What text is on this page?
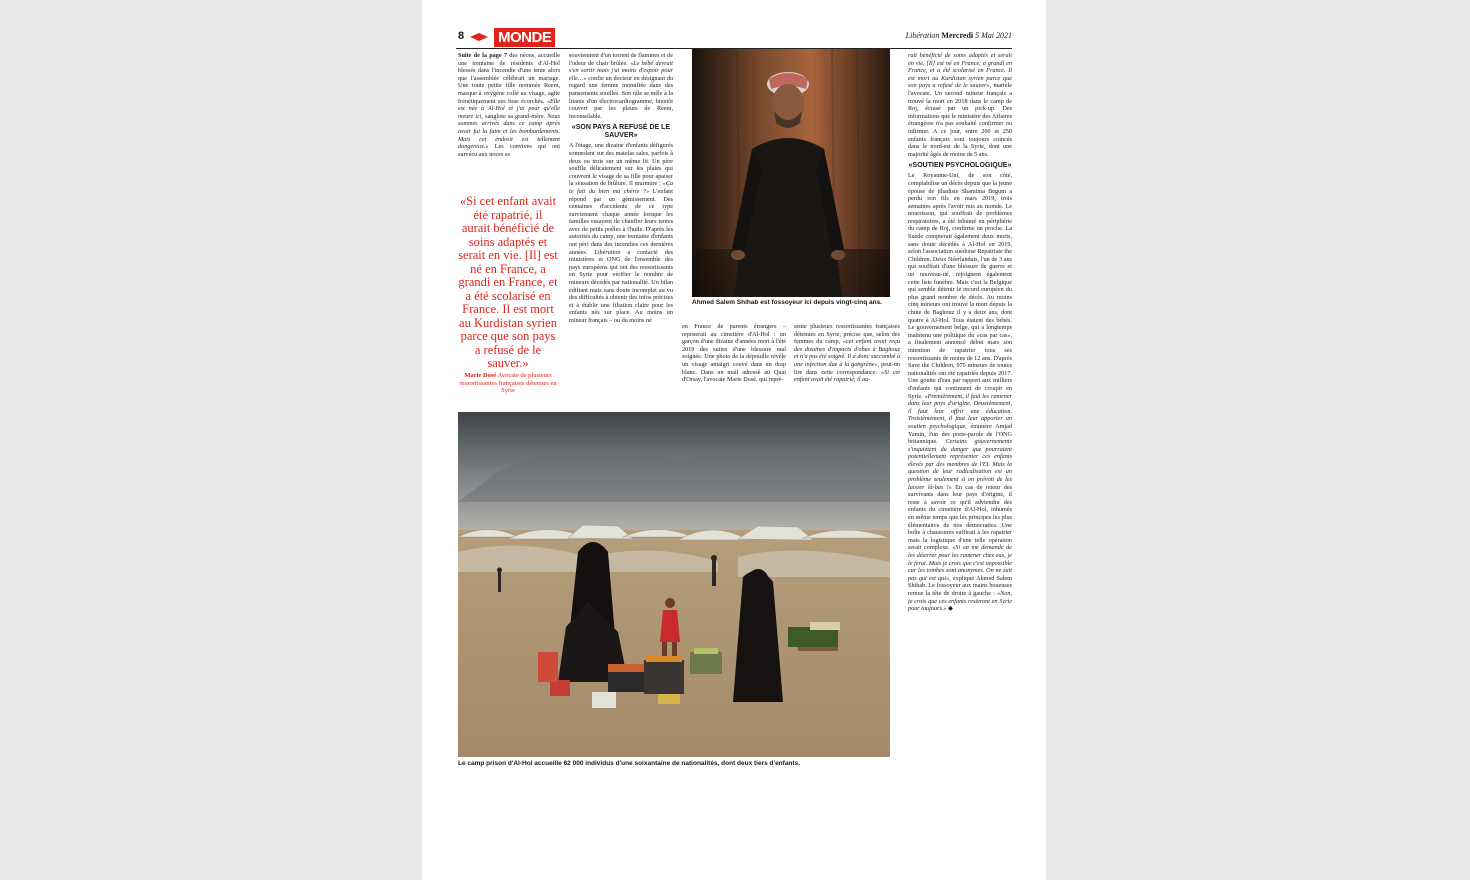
8 MONDE	Libération Mercredi 5 Mai 2021
Suite de la page 7 des néons, accueille une trentaine de résidents d'Al-Hol blessés dans l'incendie d'une tente alors que l'assemblée célébrait un mariage. Une toute petite fille nommée Reem, masque à oxygène collé au visage, agite frénétiquement ses bras écorchés. «Elle est née à Al-Hol et j'ai peur qu'elle meure ici, sanglote sa grand-mère. Nous sommes arrivés dans ce camp après avoir fui la faim et les bombardements. Mais cet endroit est tellement dangereux.» Les convives qui ont survécu aux noces se
«Si cet enfant avait été rapatrié, il aurait bénéficié de soins adaptés et serait en vie. [Il] est né en France, a grandi en France, et a été scolarisé en France. Il est mort au Kurdistan syrien parce que son pays a refusé de le sauver.»
Marie Dosé Avocate de plusieurs ressortissantes françaises détenues en Syrie
souviennent d'un torrent de flammes et de l'odeur de chair brûlée. «Le bébé devrait s'en sortir mais j'ai moins d'espoir pour elle…» confie un docteur en désignant du regard une femme momifiée dans des pansements souillés. Son râle se mêle à la litanie d'un électrocardiogramme, bientôt couvert par les pleurs de Reem, inconsolable.
«SON PAYS A REFUSÉ DE LE SAUVER»
A l'étage, une dizaine d'enfants défigurés somnolent sur des matelas sales, parfois à deux ou trois sur un même lit. Un père souffle délicatement sur les plaies qui couvrent le visage de sa fille pour apaiser la sensation de brûlure. Il murmure : «Ça te fait du bien ma chérie ?» L'enfant répond par un gémissement. Des centaines d'accidents de ce type surviennent chaque année lorsque les familles essayent de chauffer leurs tentes avec de petits poêles à l'huile. D'après les autorités du camp, une trentaine d'enfants ont péri dans des incendies ces dernières années. Libération a contacté des ministères et ONG de l'ensemble des pays européens qui ont des ressortissants en Syrie pour vérifier le nombre de mineurs décédés par nationalité. Un bilan édifiant mais sans doute incomplet au vu des difficultés à obtenir des infos précises et à établir une filiation claire pour les enfants nés sur place. Au moins un mineur français – ou du moins né
Ahmed Salem Shihab est fossoyeur ici depuis vingt-cinq ans.
en France de parents étrangers – reposerait au cimetière d'Al-Hol : un garçon d'une dizaine d'années mort à l'été 2019 des suites d'une blessure mal soignée. Une photo de la dépouille révèle un visage amaigri couvé dans un drap blanc. Dans un mail adressé au Quai d'Orsay, l'avocate Marie Dosé, qui repré-
sente plusieurs ressortissantes françaises détenues en Syrie, précise que, selon des femmes du camp, «cet enfant avait reçu des dizaines d'impacts d'obus à Baghouz et n'a pas été soigné. Il a donc succombé à une infection due à la gangrène», peut-on lire dans cette correspondance. «Si cet enfant avait été rapatrié, il au-
rait bénéficié de soins adaptés et serait en vie. [Il] est né en France, a grandi en France, et a été scolarisé en France. Il est mort au Kurdistan syrien parce que son pays a refusé de le sauver», martèle l'avocate. Un second mineur français a trouvé la mort en 2018 dans le camp de Roj, écrasé par un pick-up. Des informations que le ministère des Affaires étrangères n'a pas souhaité confirmer ou infirmer. A ce jour, entre 200 et 250 enfants français sont toujours coincés dans le nord-est de la Syrie, dont une majorité âgés de moins de 5 ans.
«SOUTIEN PSYCHOLOGIQUE»
Le Royaume-Uni, de son côté, comptabilise un décès depuis que la jeune épouse de jihadiste Shamima Begum a perdu son fils en mars 2019, trois semaines après l'avoir mis au monde. Le nourrisson, qui souffrait de problèmes respiratoires, a été inhumé en périphérie du camp de Roj, confirme un proche. La Suède compterait également deux morts, sans doute décédés à Al-Hol en 2019, selon l'association suédoise Repatriate the Children. Deux Néerlandais, l'un de 3 ans qui souffrait d'une blessure de guerre et un nouveau-né, rejoignent également cette liste funèbre. Mais c'est la Belgique qui semble détenir le record européen du plus grand nombre de décès. Au moins cinq mineurs ont trouvé la mort depuis la chute de Baghouz il y a deux ans, dont quatre à Al-Hol. Tous étaient des bébés. Le gouvernement belge, qui a longtemps maintenu une politique du «cas par cas», a finalement annoncé début mars son intention de rapatrier tous ses ressortissants de moins de 12 ans. D'après Save the Children, 975 mineurs de toutes nationalités ont été rapatriés depuis 2017. Une goutte d'eau par rapport aux milliers d'enfants qui continuent de croupir en Syrie. «Premièrement, il faut les ramener dans leur pays d'origine. Deuxièmement, il faut leur offrir une éducation. Troisièmement, il faut leur apporter un soutien psychologique, énumère Amjad Yamin, l'un des porte-parole de l'ONG britannique. Certains gouvernements s'inquiètent du danger que pourraient potentiellement représenter ces enfants élevés par des membres de l'EI. Mais la question de leur radicalisation est un problème seulement si on prévoit de les laisser là-bas !» En cas de retour des survivants dans leur pays d'origine, il reste à savoir ce qu'il adviendra des enfants du cimetière d'Al-Hol, inhumés en même temps que les principes les plus élémentaires de nos démocraties. Une boîte à chaussures suffirait à les rapatrier mais la logistique d'une telle opération serait complexe. «Si on me demande de les déterrer pour les ramener chez eux, je le ferai. Mais je crois que c'est impossible car les tombes sont anonymes. On ne sait pas qui est qui», explique Ahmed Salem Shihab. Le fossoyeur aux mains boueuses remue la tête de droite à gauche : «Non, je crois que ces enfants resteront en Syrie pour toujours.» ◆
Le camp prison d'Al-Hol accueille 62 000 individus d'une soixantaine de nationalités, dont deux tiers d'enfants.
